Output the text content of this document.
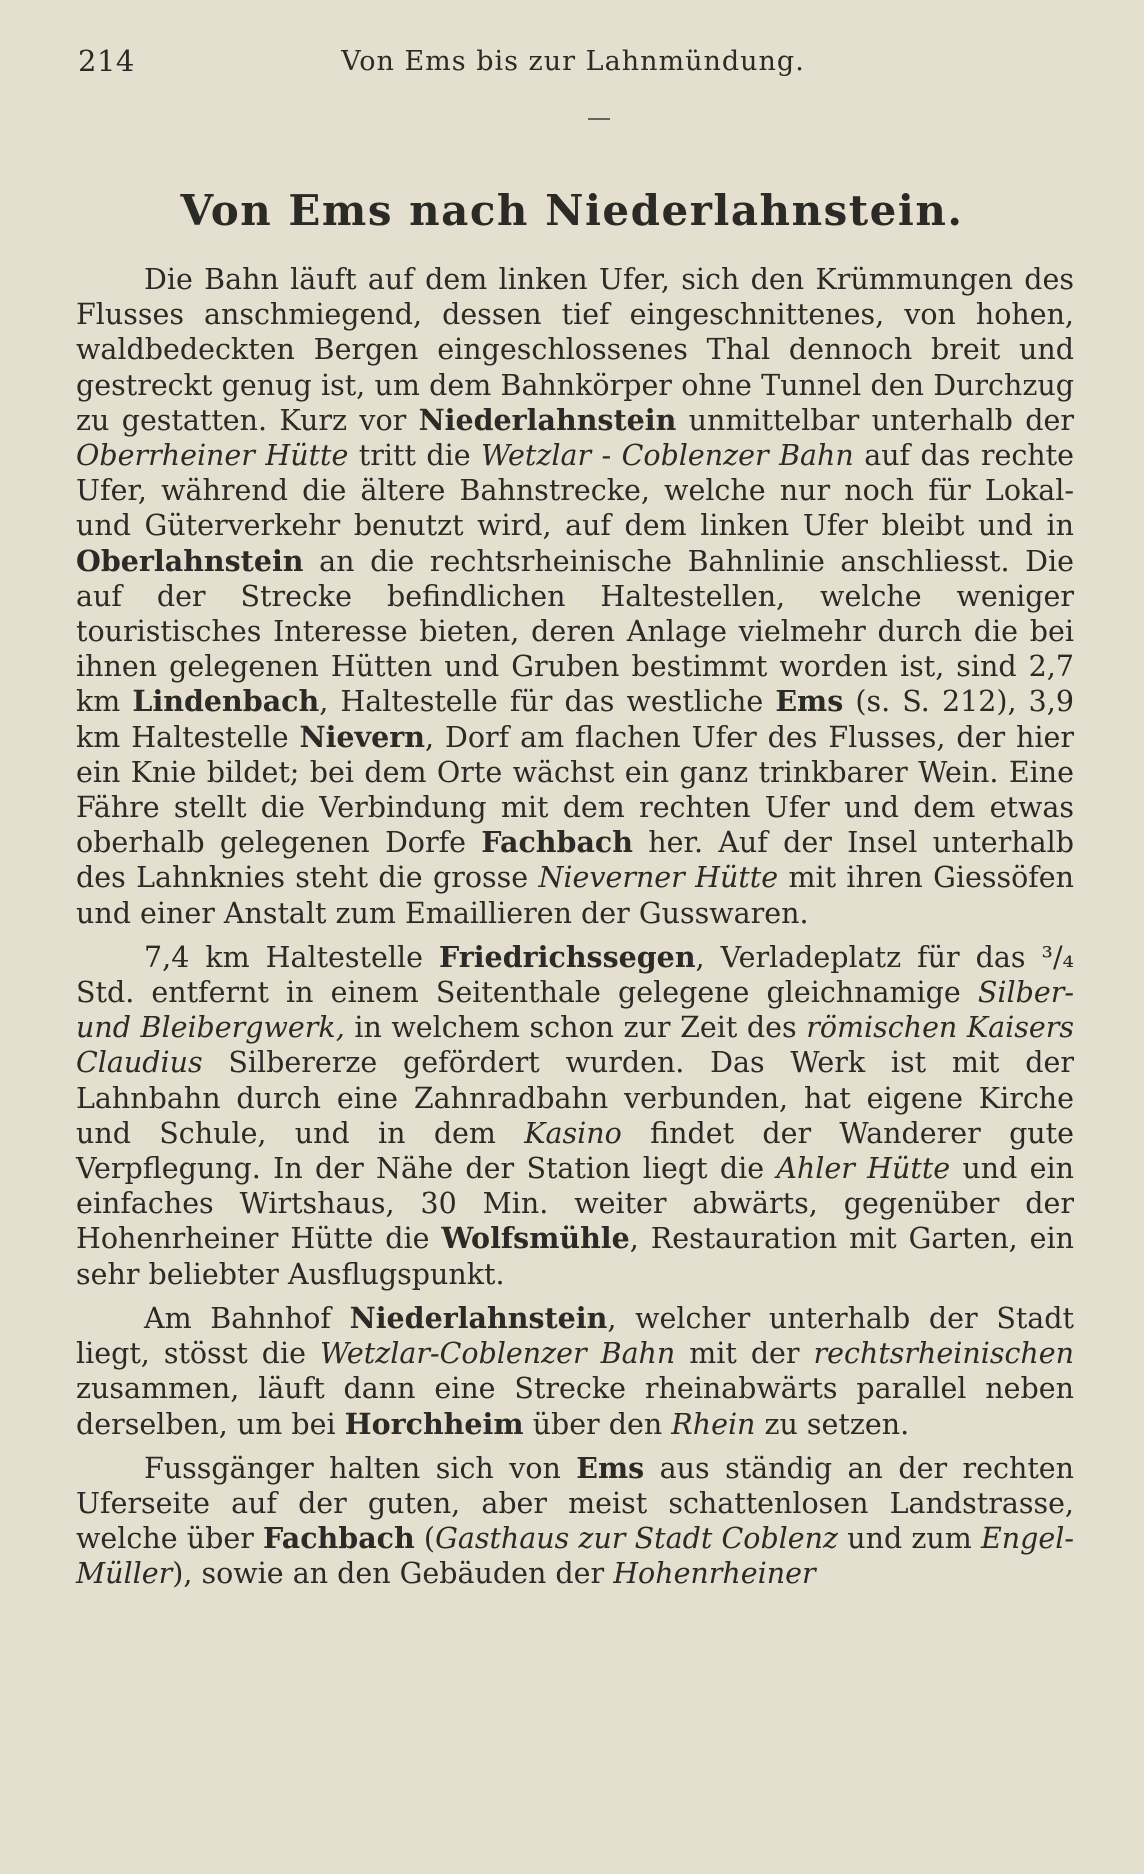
214	Von Ems bis zur Lahnmündung.
Von Ems nach Niederlahnstein.

Die Bahn läuft auf dem linken Ufer, sich den Krümmungen des Flusses anschmiegend, dessen tief eingeschnittenes, von hohen, waldbedeckten Bergen eingeschlossenes Thal dennoch breit und gestreckt genug ist, um dem Bahnkörper ohne Tunnel den Durchzug zu gestatten. Kurz vor Niederlahnstein unmittelbar unterhalb der Oberrheiner Hütte tritt die Wetzlar - Coblenzer Bahn auf das rechte Ufer, während die ältere Bahnstrecke, welche nur noch für Lokal- und Güterverkehr benutzt wird, auf dem linken Ufer bleibt und in Oberlahnstein an die rechtsrheinische Bahnlinie anschliesst. Die auf der Strecke befindlichen Haltestellen, welche weniger touristisches Interesse bieten, deren Anlage vielmehr durch die bei ihnen gelegenen Hütten und Gruben bestimmt worden ist, sind 2,7 km Lindenbach, Haltestelle für das westliche Ems (s. S. 212), 3,9 km Haltestelle Nievern, Dorf am flachen Ufer des Flusses, der hier ein Knie bildet; bei dem Orte wächst ein ganz trinkbarer Wein. Eine Fähre stellt die Verbindung mit dem rechten Ufer und dem etwas oberhalb gelegenen Dorfe Fachbach her. Auf der Insel unterhalb des Lahnknies steht die grosse Nieverner Hütte mit ihren Giessöfen und einer Anstalt zum Emaillieren der Gusswaren.

7,4 km Haltestelle Friedrichssegen, Verladeplatz für das ³/₄ Std. entfernt in einem Seitenthale gelegene gleichnamige Silber- und Bleibergwerk, in welchem schon zur Zeit des römischen Kaisers Claudius Silbererze gefördert wurden. Das Werk ist mit der Lahnbahn durch eine Zahnradbahn verbunden, hat eigene Kirche und Schule, und in dem Kasino findet der Wanderer gute Verpflegung. In der Nähe der Station liegt die Ahler Hütte und ein einfaches Wirtshaus, 30 Min. weiter abwärts, gegenüber der Hohenrheiner Hütte die Wolfsmühle, Restauration mit Garten, ein sehr beliebter Ausflugspunkt.

Am Bahnhof Niederlahnstein, welcher unterhalb der Stadt liegt, stösst die Wetzlar-Coblenzer Bahn mit der rechtsrheinischen zusammen, läuft dann eine Strecke rheinabwärts parallel neben derselben, um bei Horchheim über den Rhein zu setzen.

Fussgänger halten sich von Ems aus ständig an der rechten Uferseite auf der guten, aber meist schattenlosen Landstrasse, welche über Fachbach (Gasthaus zur Stadt Coblenz und zum Engel-Müller), sowie an den Gebäuden der Hohenrheiner
